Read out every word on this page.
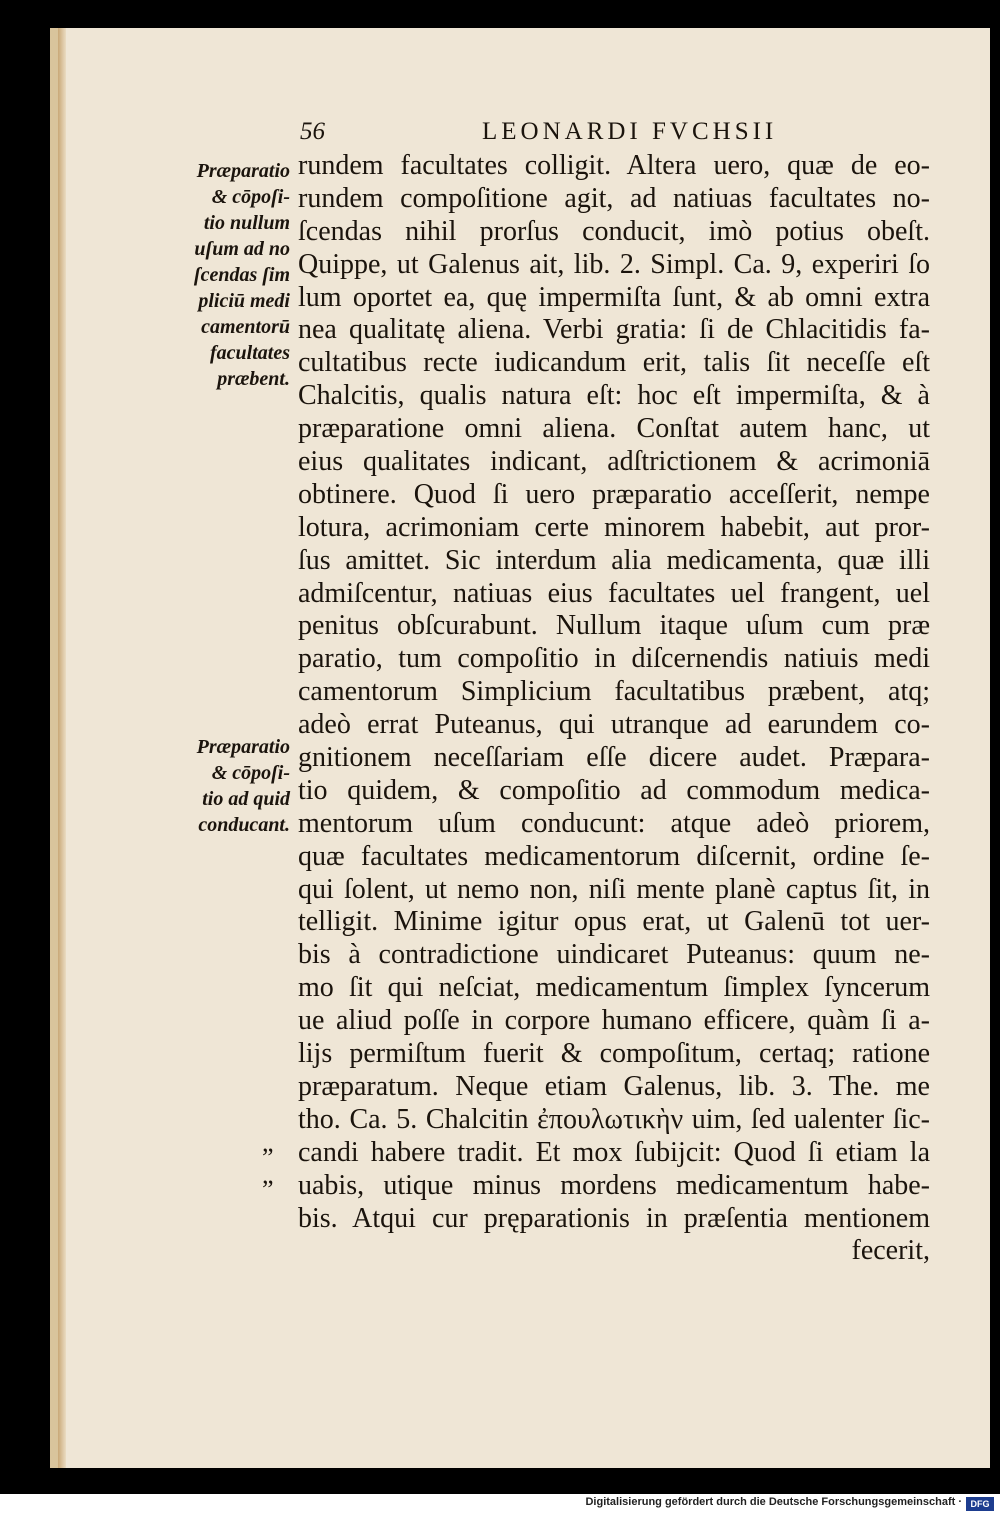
56	LEONARDI FVCHSII
Præparatio
& cōpoſi-
tio nullum
uſum ad no
ſcendas ſim
pliciū medi
camentorū
facultates
præbent.
Præparatio
& cōpoſi-
tio ad quid
conducant.
”
”
rundem facultates colligit. Altera uero, quæ de eo-
rundem compoſitione agit, ad natiuas facultates no-
ſcendas nihil prorſus conducit, imò potius obeſt.
Quippe, ut Galenus ait, lib. 2. Simpl. Ca. 9, experiri ſo
lum oportet ea, quę impermiſta ſunt, & ab omni extra
nea qualitatę aliena. Verbi gratia: ſi de Chlacitidis fa-
cultatibus recte iudicandum erit, talis ſit neceſſe eſt
Chalcitis, qualis natura eſt: hoc eſt impermiſta, & à
præparatione omni aliena. Conſtat autem hanc, ut
eius qualitates indicant, adſtrictionem & acrimoniā
obtinere. Quod ſi uero præparatio acceſſerit, nempe
lotura, acrimoniam certe minorem habebit, aut pror-
ſus amittet. Sic interdum alia medicamenta, quæ illi
admiſcentur, natiuas eius facultates uel frangent, uel
penitus obſcurabunt. Nullum itaque uſum cum præ
paratio, tum compoſitio in diſcernendis natiuis medi
camentorum Simplicium facultatibus præbent, atq;
adeò errat Puteanus, qui utranque ad earundem co-
gnitionem neceſſariam eſſe dicere audet. Præpara-
tio quidem, & compoſitio ad commodum medica-
mentorum uſum conducunt: atque adeò priorem,
quæ facultates medicamentorum diſcernit, ordine ſe-
qui ſolent, ut nemo non, niſi mente planè captus ſit, in
telligit. Minime igitur opus erat, ut Galenū tot uer-
bis à contradictione uindicaret Puteanus: quum ne-
mo ſit qui neſciat, medicamentum ſimplex ſyncerum
ue aliud poſſe in corpore humano efficere, quàm ſi a-
lijs permiſtum fuerit & compoſitum, certaq; ratione
præparatum. Neque etiam Galenus, lib. 3. The. me
tho. Ca. 5. Chalcitin ἐπουλωτικὴν uim, ſed ualenter ſic-
candi habere tradit. Et mox ſubijcit: Quod ſi etiam la
uabis, utique minus mordens medicamentum habe-
bis. Atqui cur pręparationis in præſentia mentionem
fecerit,
Digitalisierung gefördert durch die Deutsche Forschungsgemeinschaft · DFG
